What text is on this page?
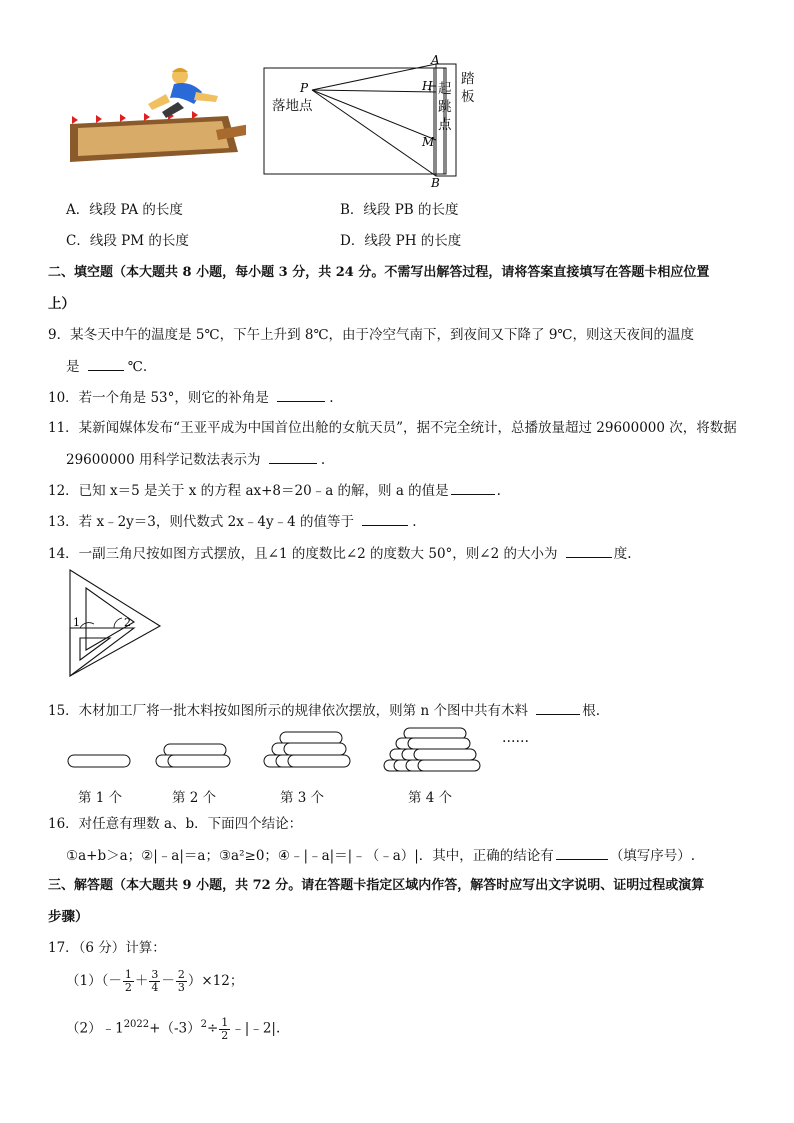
A
B
H
M
P
落地点
起跳点
踏板
A．线段 PA 的长度	B．线段 PB 的长度
C．线段 PM 的长度	D．线段 PH 的长度
二、填空题（本大题共 8 小题，每小题 3 分，共 24 分。不需写出解答过程，请将答案直接填写在答题卡相应位置
上）
9．某冬天中午的温度是 5℃，下午上升到 8℃，由于冷空气南下，到夜间又下降了 9℃，则这天夜间的温度
是	℃.
10．若一个角是 53°，则它的补角是	.
11．某新闻媒体发布“王亚平成为中国首位出舱的女航天员”，据不完全统计，总播放量超过 29600000 次，将数据
29600000 用科学记数法表示为	.
12．已知 x＝5 是关于 x 的方程 ax+8＝20﹣a 的解，则 a 的值是	.
13．若 x﹣2y＝3，则代数式 2x﹣4y﹣4 的值等于	.
14．一副三角尺按如图方式摆放，且∠1 的度数比∠2 的度数大 50°，则∠2 的大小为	度.
1	2
15．木材加工厂将一批木料按如图所示的规律依次摆放，则第 n 个图中共有木料	根.
……
第 1 个	第 2 个	第 3 个	第 4 个
16．对任意有理数 a、b．下面四个结论：
①a+b＞a；②|﹣a|＝a；③a²≥0；④﹣|﹣a|＝|﹣（﹣a）|．其中，正确的结论有	（填写序号）.
三、解答题（本大题共 9 小题，共 72 分。请在答题卡指定区域内作答，解答时应写出文字说明、证明过程或演算
步骤）
17．（6 分）计算：
$(1)(- \frac{1}{2} + \frac{3}{4} - \frac{2}{3} )\times 12$；
$(2)﹣1^{2022}+(-3)^2\div \frac{1}{2}$ ﹣|﹣2|.
